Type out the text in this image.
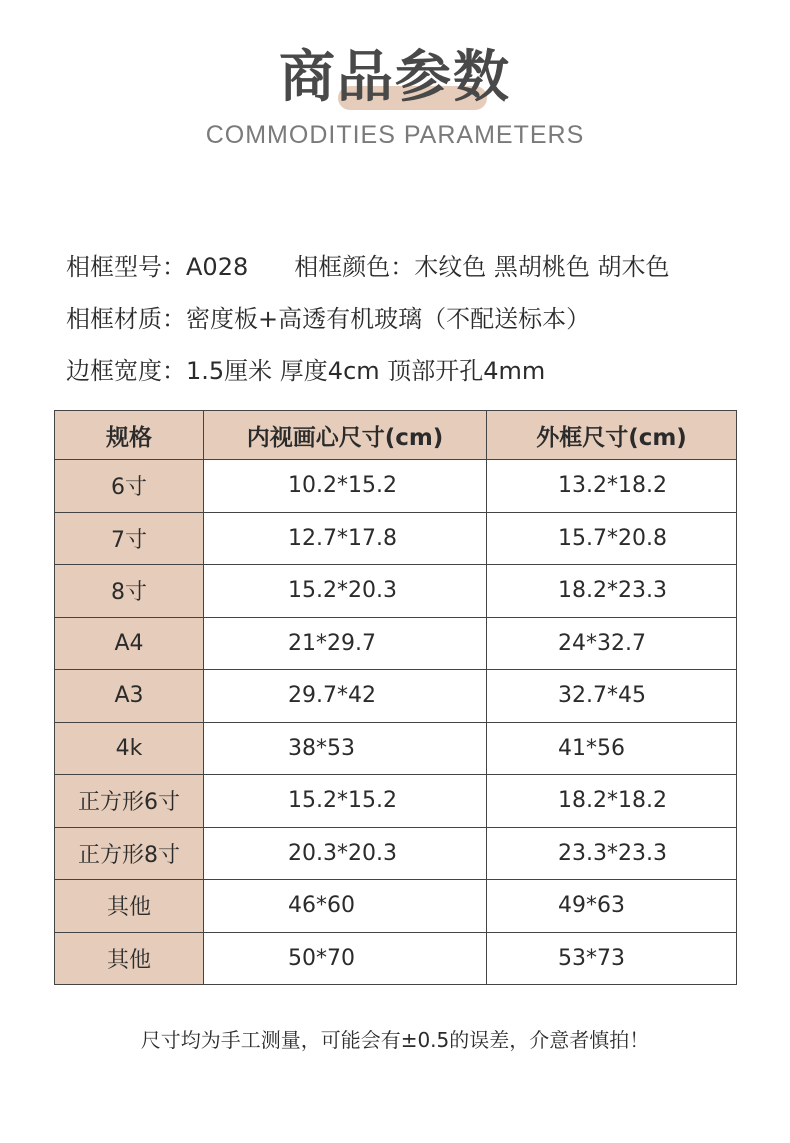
商品参数
COMMODITIES PARAMETERS
相框型号：A028 相框颜色：木纹色 黑胡桃色 胡木色
相框材质：密度板+高透有机玻璃（不配送标本）
边框宽度：1.5厘米 厚度4cm 顶部开孔4mm
规格	内视画心尺寸(cm)	外框尺寸(cm)
6寸	10.2*15.2	13.2*18.2
7寸	12.7*17.8	15.7*20.8
8寸	15.2*20.3	18.2*23.3
A4	21*29.7	24*32.7
A3	29.7*42	32.7*45
4k	38*53	41*56
正方形6寸	15.2*15.2	18.2*18.2
正方形8寸	20.3*20.3	23.3*23.3
其他	46*60	49*63
其他	50*70	53*73
尺寸均为手工测量，可能会有±0.5的误差，介意者慎拍！
